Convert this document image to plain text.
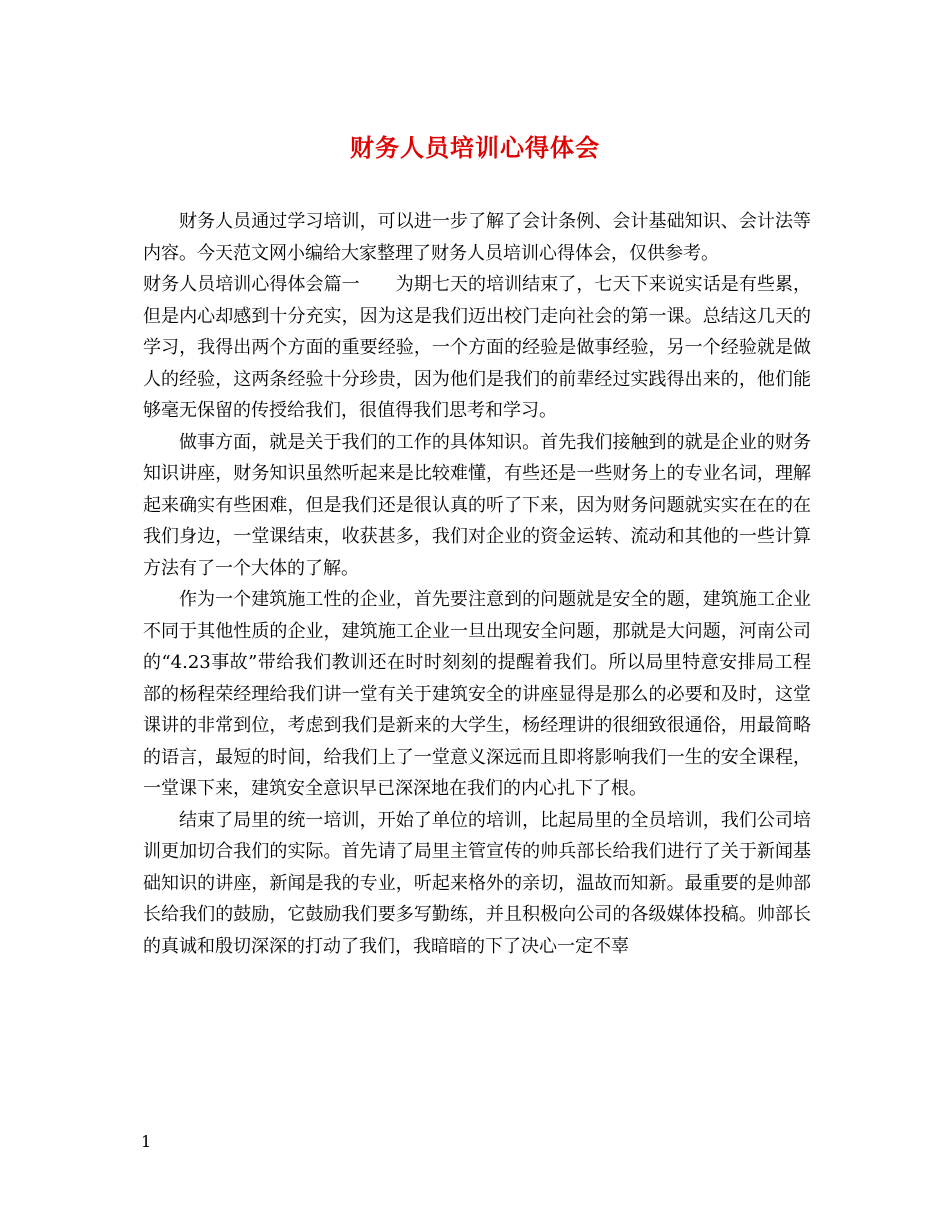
财务人员培训心得体会

财务人员通过学习培训，可以进一步了解了会计条例、会计基础知识、会计法等内容。今天范文网小编给大家整理了财务人员培训心得体会，仅供参考。

财务人员培训心得体会篇一 为期七天的培训结束了，七天下来说实话是有些累，但是内心却感到十分充实，因为这是我们迈出校门走向社会的第一课。总结这几天的学习，我得出两个方面的重要经验，一个方面的经验是做事经验，另一个经验就是做人的经验，这两条经验十分珍贵，因为他们是我们的前辈经过实践得出来的，他们能够毫无保留的传授给我们，很值得我们思考和学习。

做事方面，就是关于我们的工作的具体知识。首先我们接触到的就是企业的财务知识讲座，财务知识虽然听起来是比较难懂，有些还是一些财务上的专业名词，理解起来确实有些困难，但是我们还是很认真的听了下来，因为财务问题就实实在在的在我们身边，一堂课结束，收获甚多，我们对企业的资金运转、流动和其他的一些计算方法有了一个大体的了解。

作为一个建筑施工性的企业，首先要注意到的问题就是安全的题，建筑施工企业不同于其他性质的企业，建筑施工企业一旦出现安全问题，那就是大问题，河南公司的“4.23事故”带给我们教训还在时时刻刻的提醒着我们。所以局里特意安排局工程部的杨程荣经理给我们讲一堂有关于建筑安全的讲座显得是那么的必要和及时，这堂课讲的非常到位，考虑到我们是新来的大学生，杨经理讲的很细致很通俗，用最简略的语言，最短的时间，给我们上了一堂意义深远而且即将影响我们一生的安全课程，一堂课下来，建筑安全意识早已深深地在我们的内心扎下了根。

结束了局里的统一培训，开始了单位的培训，比起局里的全员培训，我们公司培训更加切合我们的实际。首先请了局里主管宣传的帅兵部长给我们进行了关于新闻基础知识的讲座，新闻是我的专业，听起来格外的亲切，温故而知新。最重要的是帅部长给我们的鼓励，它鼓励我们要多写勤练，并且积极向公司的各级媒体投稿。帅部长的真诚和殷切深深的打动了我们，我暗暗的下了决心一定不辜

1
